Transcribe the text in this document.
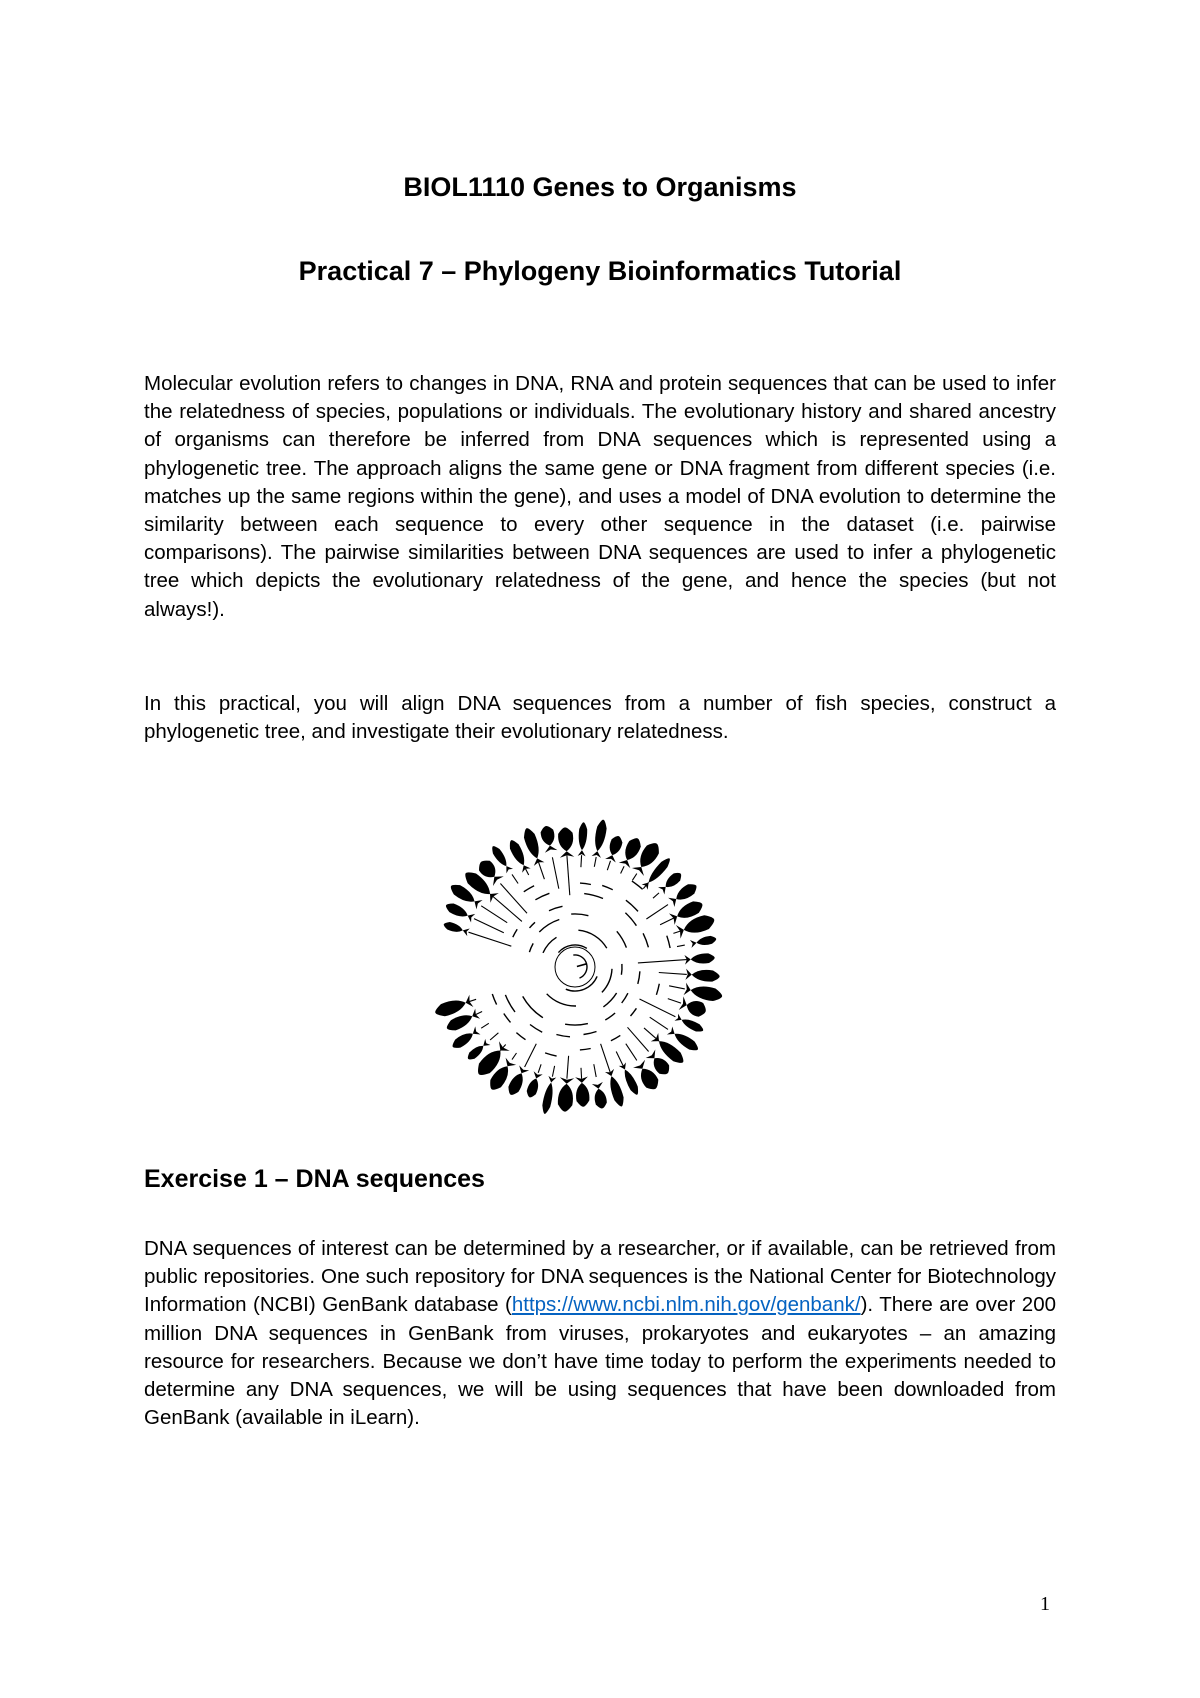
BIOL1110 Genes to Organisms
Practical 7 – Phylogeny Bioinformatics Tutorial

Molecular evolution refers to changes in DNA, RNA and protein sequences that can be used to infer the relatedness of species, populations or individuals. The evolutionary history and shared ancestry of organisms can therefore be inferred from DNA sequences which is represented using a phylogenetic tree. The approach aligns the same gene or DNA fragment from different species (i.e. matches up the same regions within the gene), and uses a model of DNA evolution to determine the similarity between each sequence to every other sequence in the dataset (i.e. pairwise comparisons). The pairwise similarities between DNA sequences are used to infer a phylogenetic tree which depicts the evolutionary relatedness of the gene, and hence the species (but not always!).

In this practical, you will align DNA sequences from a number of fish species, construct a phylogenetic tree, and investigate their evolutionary relatedness.

Exercise 1 – DNA sequences

DNA sequences of interest can be determined by a researcher, or if available, can be retrieved from public repositories. One such repository for DNA sequences is the National Center for Biotechnology Information (NCBI) GenBank database (https://www.ncbi.nlm.nih.gov/genbank/). There are over 200 million DNA sequences in GenBank from viruses, prokaryotes and eukaryotes – an amazing resource for researchers. Because we don’t have time today to perform the experiments needed to determine any DNA sequences, we will be using sequences that have been downloaded from GenBank (available in iLearn).

1
